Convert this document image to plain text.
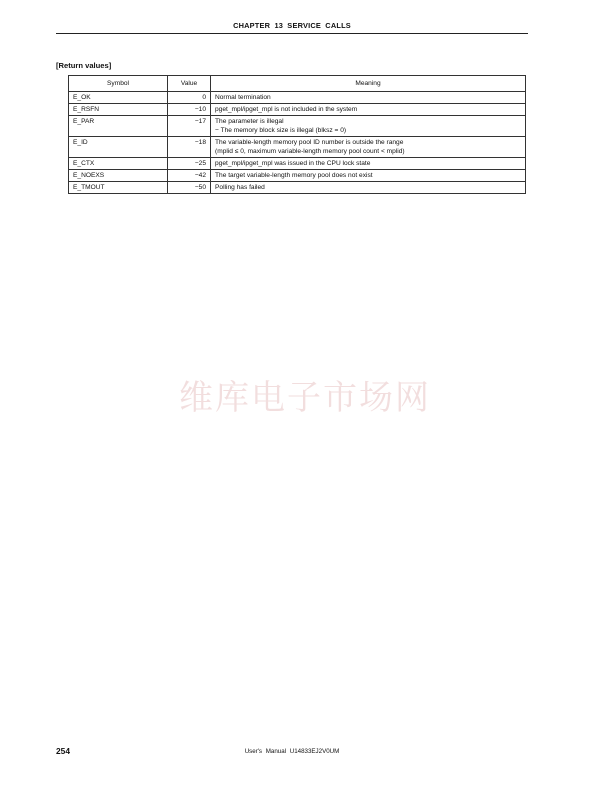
CHAPTER 13 SERVICE CALLS
[Return values]
Symbol	Value	Meaning
E_OK	0	Normal termination

E_RSFN	−10	pget_mpl/ipget_mpl is not included in the system

E_PAR	−17	The parameter is illegal
− The memory block size is illegal (blksz = 0)

E_ID	−18	The variable-length memory pool ID number is outside the range
(mplid ≤ 0, maximum variable-length memory pool count < mplid)

E_CTX	−25	pget_mpl/ipget_mpl was issued in the CPU lock state

E_NOEXS	−42	The target variable-length memory pool does not exist

E_TMOUT	−50	Polling has failed
维库电子市场网
254	User's Manual U14833EJ2V0UM
